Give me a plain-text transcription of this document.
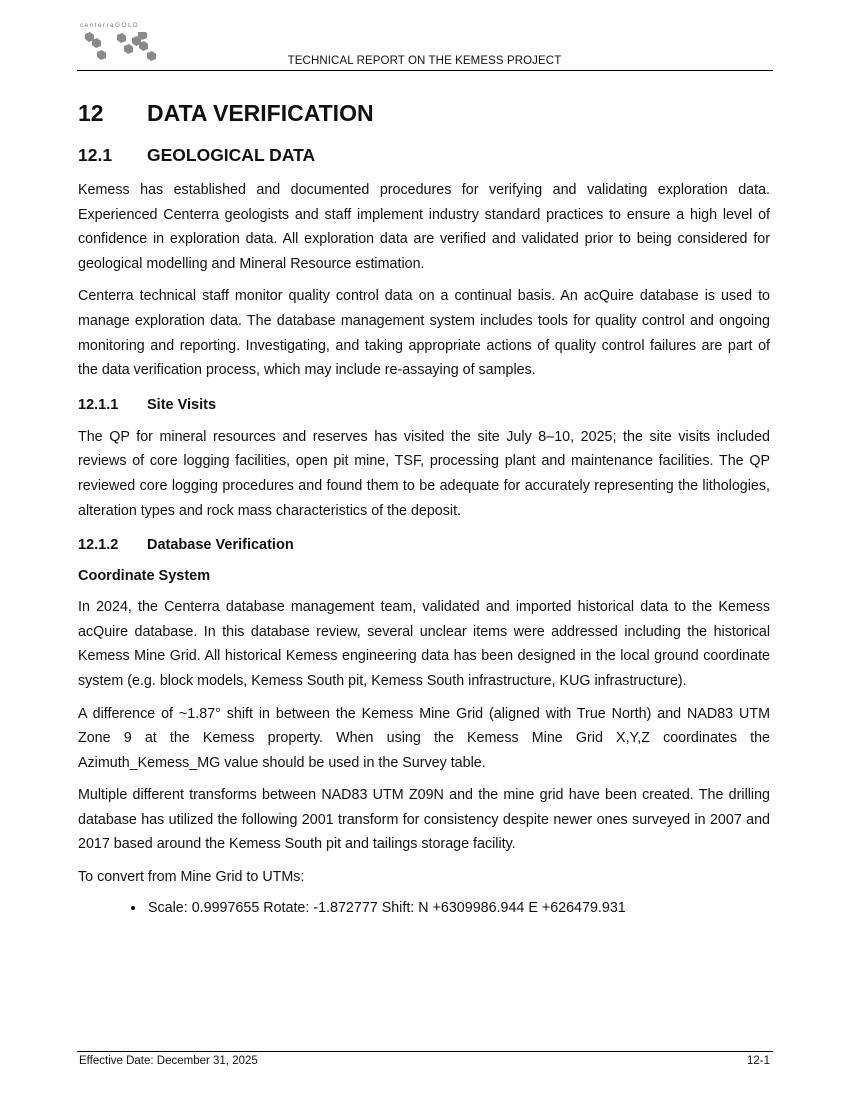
centerraGOLD
TECHNICAL REPORT ON THE KEMESS PROJECT
12 DATA VERIFICATION
12.1 GEOLOGICAL DATA

Kemess has established and documented procedures for verifying and validating exploration data. Experienced Centerra geologists and staff implement industry standard practices to ensure a high level of confidence in exploration data. All exploration data are verified and validated prior to being considered for geological modelling and Mineral Resource estimation.

Centerra technical staff monitor quality control data on a continual basis. An acQuire database is used to manage exploration data. The database management system includes tools for quality control and ongoing monitoring and reporting. Investigating, and taking appropriate actions of quality control failures are part of the data verification process, which may include re-assaying of samples.

12.1.1 Site Visits

The QP for mineral resources and reserves has visited the site July 8–10, 2025; the site visits included reviews of core logging facilities, open pit mine, TSF, processing plant and maintenance facilities. The QP reviewed core logging procedures and found them to be adequate for accurately representing the lithologies, alteration types and rock mass characteristics of the deposit.

12.1.2 Database Verification
Coordinate System

In 2024, the Centerra database management team, validated and imported historical data to the Kemess acQuire database. In this database review, several unclear items were addressed including the historical Kemess Mine Grid. All historical Kemess engineering data has been designed in the local ground coordinate system (e.g. block models, Kemess South pit, Kemess South infrastructure, KUG infrastructure).

A difference of ~1.87° shift in between the Kemess Mine Grid (aligned with True North) and NAD83 UTM Zone 9 at the Kemess property. When using the Kemess Mine Grid X,Y,Z coordinates the Azimuth_Kemess_MG value should be used in the Survey table.

Multiple different transforms between NAD83 UTM Z09N and the mine grid have been created. The drilling database has utilized the following 2001 transform for consistency despite newer ones surveyed in 2007 and 2017 based around the Kemess South pit and tailings storage facility.

To convert from Mine Grid to UTMs:

• Scale: 0.9997655 Rotate: -1.872777 Shift: N +6309986.944 E +626479.931
Effective Date: December 31, 2025	12-1
